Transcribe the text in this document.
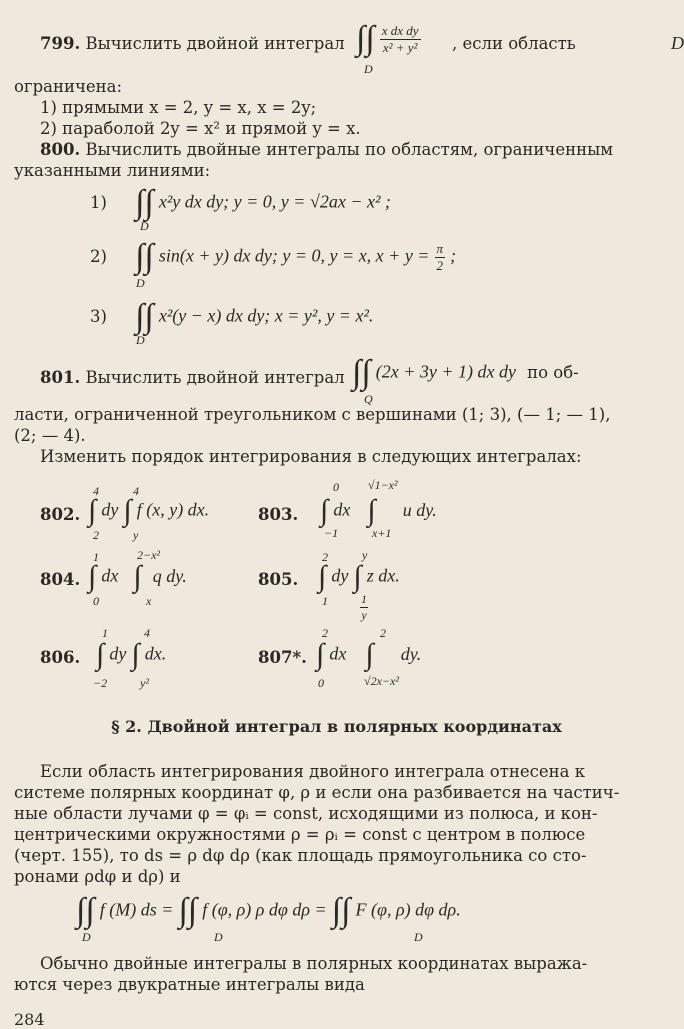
799. Вычислить двойной интеграл ∫∫ $\frac{\text{x dx dy}}{\text{x² + y²}}$
D
, если область	D
ограничена:
1) прямыми x = 2, y = x, x = 2y;
2) параболой 2y = x² и прямой y = x.
800. Вычислить двойные интегралы по областям, ограниченным
указанными линиями:
1) ∫∫ x²y dx dy; y = 0, y = √2ax − x² ;
D
2) ∫∫ sin(x + y) dx dy; y = 0, y = x, $x + y = \frac{\pi}{2}$ ;
D
3) ∫∫ x²(y − x) dx dy; x = y², y = x².
D
801. Вычислить двойной интеграл ∫∫ (2x + 3y + 1) dx dy по об-
Q
ласти, ограниченной треугольником с вершинами (1; 3), (— 1; — 1),
(2; — 4).
Изменить порядок интегрирования в следующих интегралах:
802.
4
2
∫ dy ∫ f (x, y) dx.
4
y
803.
0
−1
∫ dx ∫ u dy.
√1−x²
x+1
804.
1
0
∫ dx ∫ q dy.
2−x²
x
805.
2
1
∫ dy ∫ z dx.
y
$\frac{1}{y}$
806.
1
−2
∫ dy ∫ dx.
4
y²
807*.
2
0
∫ dx ∫ dy.
2
√2x−x²
§ 2. Двойной интеграл в полярных координатах
Если область интегрирования двойного интеграла отнесена к
системе полярных координат φ, ρ и если она разбивается на частич-
ные области лучами φ = φᵢ = const, исходящими из полюса, и кон-
центрическими окружностями ρ = ρᵢ = const с центром в полюсе
(черт. 155), то ds = ρ dφ dρ (как площадь прямоугольника со сто-
ронами ρdφ и dρ) и
∫∫ f (M) ds = ∫∫ f (φ, ρ) ρ dφ dρ = ∫∫ F (φ, ρ) dφ dρ.
D	D	D
Обычно двойные интегралы в полярных координатах выража-
ются через двукратные интегралы вида
284
